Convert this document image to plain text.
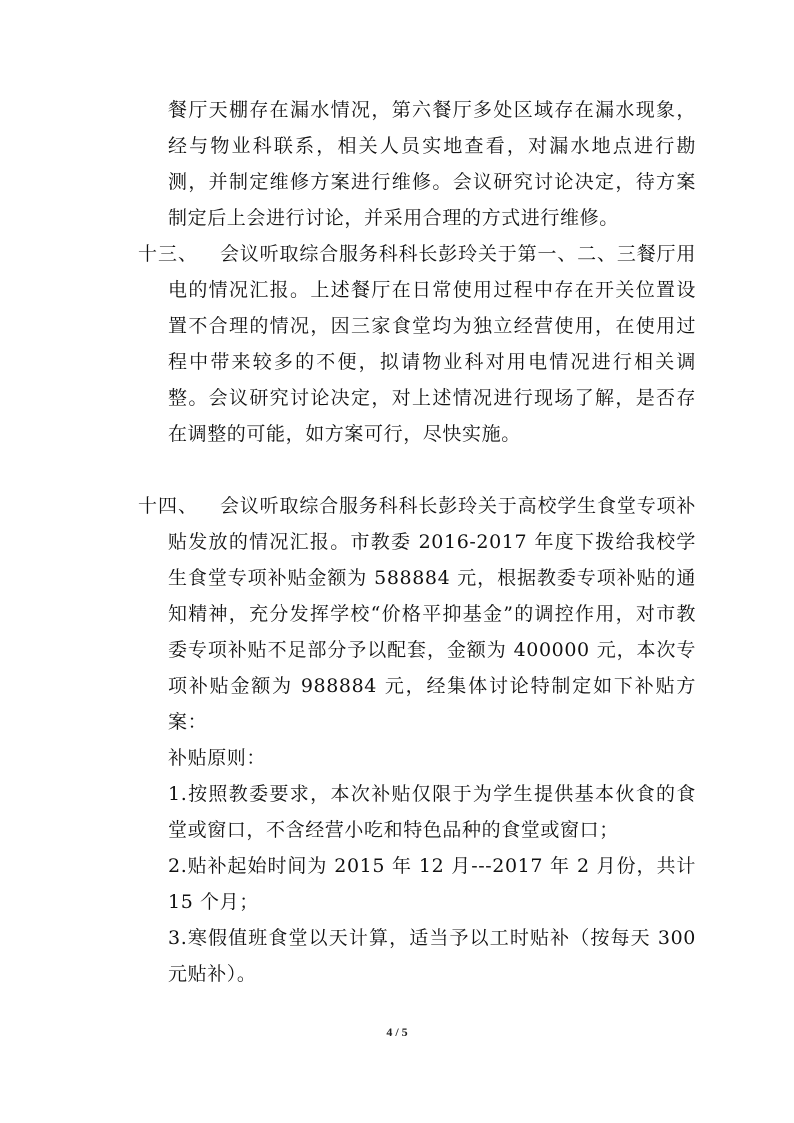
餐厅天棚存在漏水情况，第六餐厅多处区域存在漏水现象，经与物业科联系，相关人员实地查看，对漏水地点进行勘测，并制定维修方案进行维修。会议研究讨论决定，待方案制定后上会进行讨论，并采用合理的方式进行维修。
十三、	会议听取综合服务科科长彭玲关于第一、二、三餐厅用电的情况汇报。上述餐厅在日常使用过程中存在开关位置设置不合理的情况，因三家食堂均为独立经营使用，在使用过程中带来较多的不便，拟请物业科对用电情况进行相关调整。会议研究讨论决定，对上述情况进行现场了解，是否存在调整的可能，如方案可行，尽快实施。
十四、	会议听取综合服务科科长彭玲关于高校学生食堂专项补贴发放的情况汇报。市教委 2016-2017 年度下拨给我校学生食堂专项补贴金额为 588884 元，根据教委专项补贴的通知精神，充分发挥学校“价格平抑基金”的调控作用，对市教委专项补贴不足部分予以配套，金额为 400000 元，本次专项补贴金额为 988884 元，经集体讨论特制定如下补贴方案：
补贴原则：
1.按照教委要求，本次补贴仅限于为学生提供基本伙食的食堂或窗口，不含经营小吃和特色品种的食堂或窗口；
2.贴补起始时间为 2015 年 12 月---2017 年 2 月份，共计 15 个月；
3.寒假值班食堂以天计算，适当予以工时贴补（按每天 300 元贴补）。
4 / 5
